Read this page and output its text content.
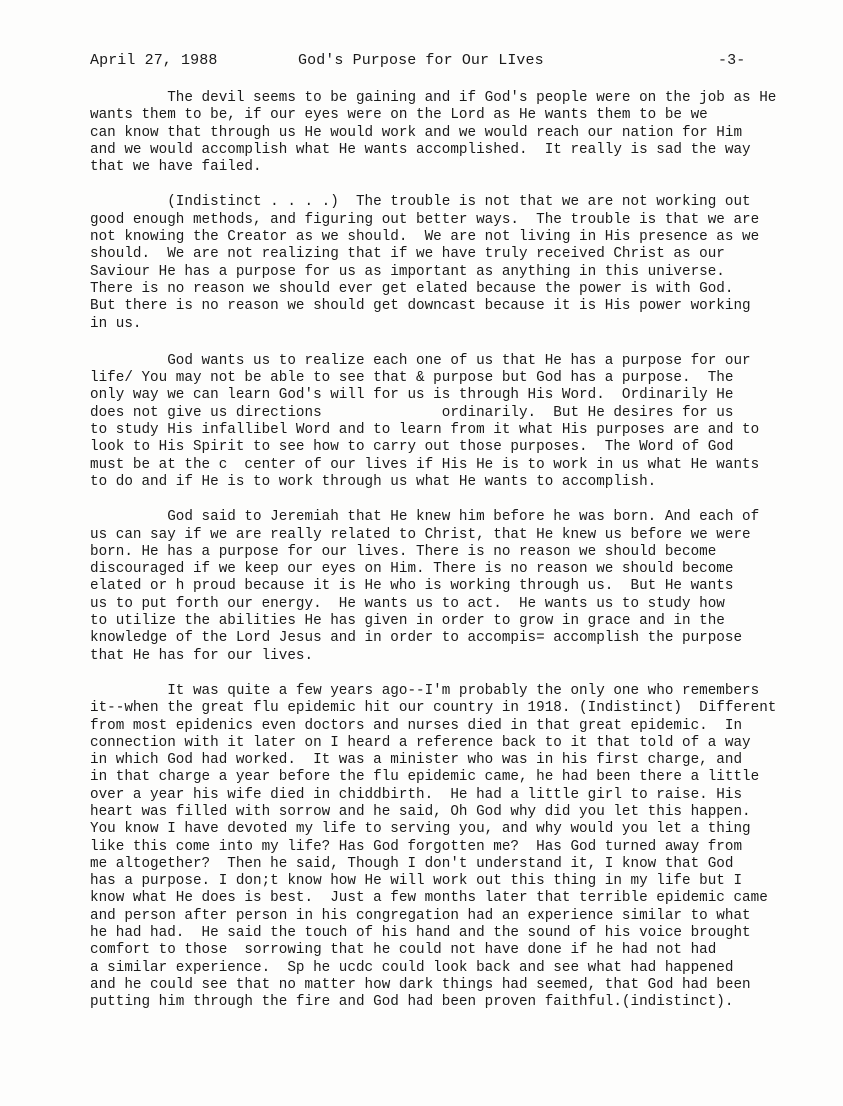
April 27, 1988	God's Purpose for Our LIves	-3-
The devil seems to be gaining and if God's people were on the job as He
wants them to be, if our eyes were on the Lord as He wants them to be we
can know that through us He would work and we would reach our nation for Him
and we would accomplish what He wants accomplished.  It really is sad the way
that we have failed.
(Indistinct . . . .)  The trouble is not that we are not working out
good enough methods, and figuring out better ways.  The trouble is that we are
not knowing the Creator as we should.  We are not living in His presence as we
should.  We are not realizing that if we have truly received Christ as our
Saviour He has a purpose for us as important as anything in this universe.
There is no reason we should ever get elated because the power is with God.
But there is no reason we should get downcast because it is His power working
in us.
God wants us to realize each one of us that He has a purpose for our
life/ You may not be able to see that & purpose but God has a purpose.  The
only way we can learn God's will for us is through His Word.  Ordinarily He
does not give us directions              ordinarily.  But He desires for us
to study His infallibel Word and to learn from it what His purposes are and to
look to His Spirit to see how to carry out those purposes.  The Word of God
must be at the c  center of our lives if His He is to work in us what He wants
to do and if He is to work through us what He wants to accomplish.
God said to Jeremiah that He knew him before he was born. And each of
us can say if we are really related to Christ, that He knew us before we were
born. He has a purpose for our lives. There is no reason we should become
discouraged if we keep our eyes on Him. There is no reason we should become
elated or h proud because it is He who is working through us.  But He wants
us to put forth our energy.  He wants us to act.  He wants us to study how
to utilize the abilities He has given in order to grow in grace and in the
knowledge of the Lord Jesus and in order to accompis= accomplish the purpose
that He has for our lives.
It was quite a few years ago--I'm probably the only one who remembers
it--when the great flu epidemic hit our country in 1918. (Indistinct)  Different
from most epidenics even doctors and nurses died in that great epidemic.  In
connection with it later on I heard a reference back to it that told of a way
in which God had worked.  It was a minister who was in his first charge, and
in that charge a year before the flu epidemic came, he had been there a little
over a year his wife died in chiddbirth.  He had a little girl to raise. His
heart was filled with sorrow and he said, Oh God why did you let this happen.
You know I have devoted my life to serving you, and why would you let a thing
like this come into my life? Has God forgotten me?  Has God turned away from
me altogether?  Then he said, Though I don't understand it, I know that God
has a purpose. I don;t know how He will work out this thing in my life but I
know what He does is best.  Just a few months later that terrible epidemic came
and person after person in his congregation had an experience similar to what
he had had.  He said the touch of his hand and the sound of his voice brought
comfort to those  sorrowing that he could not have done if he had not had
a similar experience.  Sp he ucdc could look back and see what had happened
and he could see that no matter how dark things had seemed, that God had been
putting him through the fire and God had been proven faithful.(indistinct).
